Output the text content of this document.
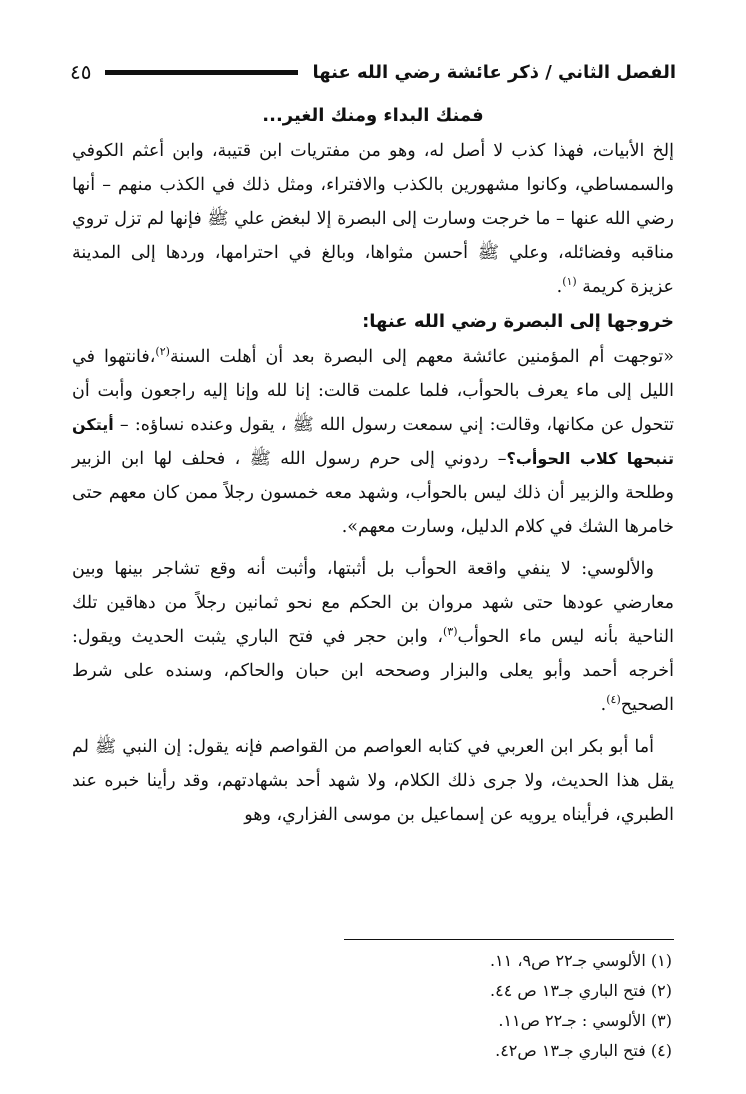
الفصل الثاني / ذكر عائشة رضي الله عنها
٤٥

فمنك البداء ومنك الغير...

إلخ الأبيات، فهذا كذب لا أصل له، وهو من مفتريات ابن قتيبة، وابن أعثم الكوفي والسمساطي، وكانوا مشهورين بالكذب والافتراء، ومثل ذلك في الكذب منهم – أنها رضي الله عنها – ما خرجت وسارت إلى البصرة إلا لبغض علي ﷺ فإنها لم تزل تروي مناقبه وفضائله، وعلي ﷺ أحسن مثواها، وبالغ في احترامها، وردها إلى المدينة عزيزة كريمة $^{(١)}$.

خروجها إلى البصرة رضي الله عنها:

«توجهت أم المؤمنين عائشة معهم إلى البصرة بعد أن أهلت السنة$^{(٢)}$،فانتهوا في الليل إلى ماء يعرف بالحوأب، فلما علمت قالت: إنا لله وإنا إليه راجعون وأبت أن تتحول عن مكانها، وقالت: إني سمعت رسول الله ﷺ ، يقول وعنده نساؤه: – أيتكن تنبحها كلاب الحوأب؟– ردوني إلى حرم رسول الله ﷺ ، فحلف لها ابن الزبير وطلحة والزبير أن ذلك ليس بالحوأب، وشهد معه خمسون رجلاً ممن كان معهم حتى خامرها الشك في كلام الدليل، وسارت معهم».

والألوسي: لا ينفي واقعة الحوأب بل أثبتها، وأثبت أنه وقع تشاجر بينها وبين معارضي عودها حتى شهد مروان بن الحكم مع نحو ثمانين رجلاً من دهاقين تلك الناحية بأنه ليس ماء الحوأب$^{(٣)}$، وابن حجر في فتح الباري يثبت الحديث ويقول: أخرجه أحمد وأبو يعلى والبزار وصححه ابن حبان والحاكم، وسنده على شرط الصحيح$^{(٤)}$.

أما أبو بكر ابن العربي في كتابه العواصم من القواصم فإنه يقول: إن النبي ﷺ لم يقل هذا الحديث، ولا جرى ذلك الكلام، ولا شهد أحد بشهادتهم، وقد رأينا خبره عند الطبري، فرأيناه يرويه عن إسماعيل بن موسى الفزاري، وهو

(١) الألوسي جـ٢٢ ص٩، ١١.
(٢) فتح الباري جـ١٣ ص ٤٤.
(٣) الألوسي : جـ٢٢ ص١١.
(٤) فتح الباري جـ١٣ ص٤٢.
